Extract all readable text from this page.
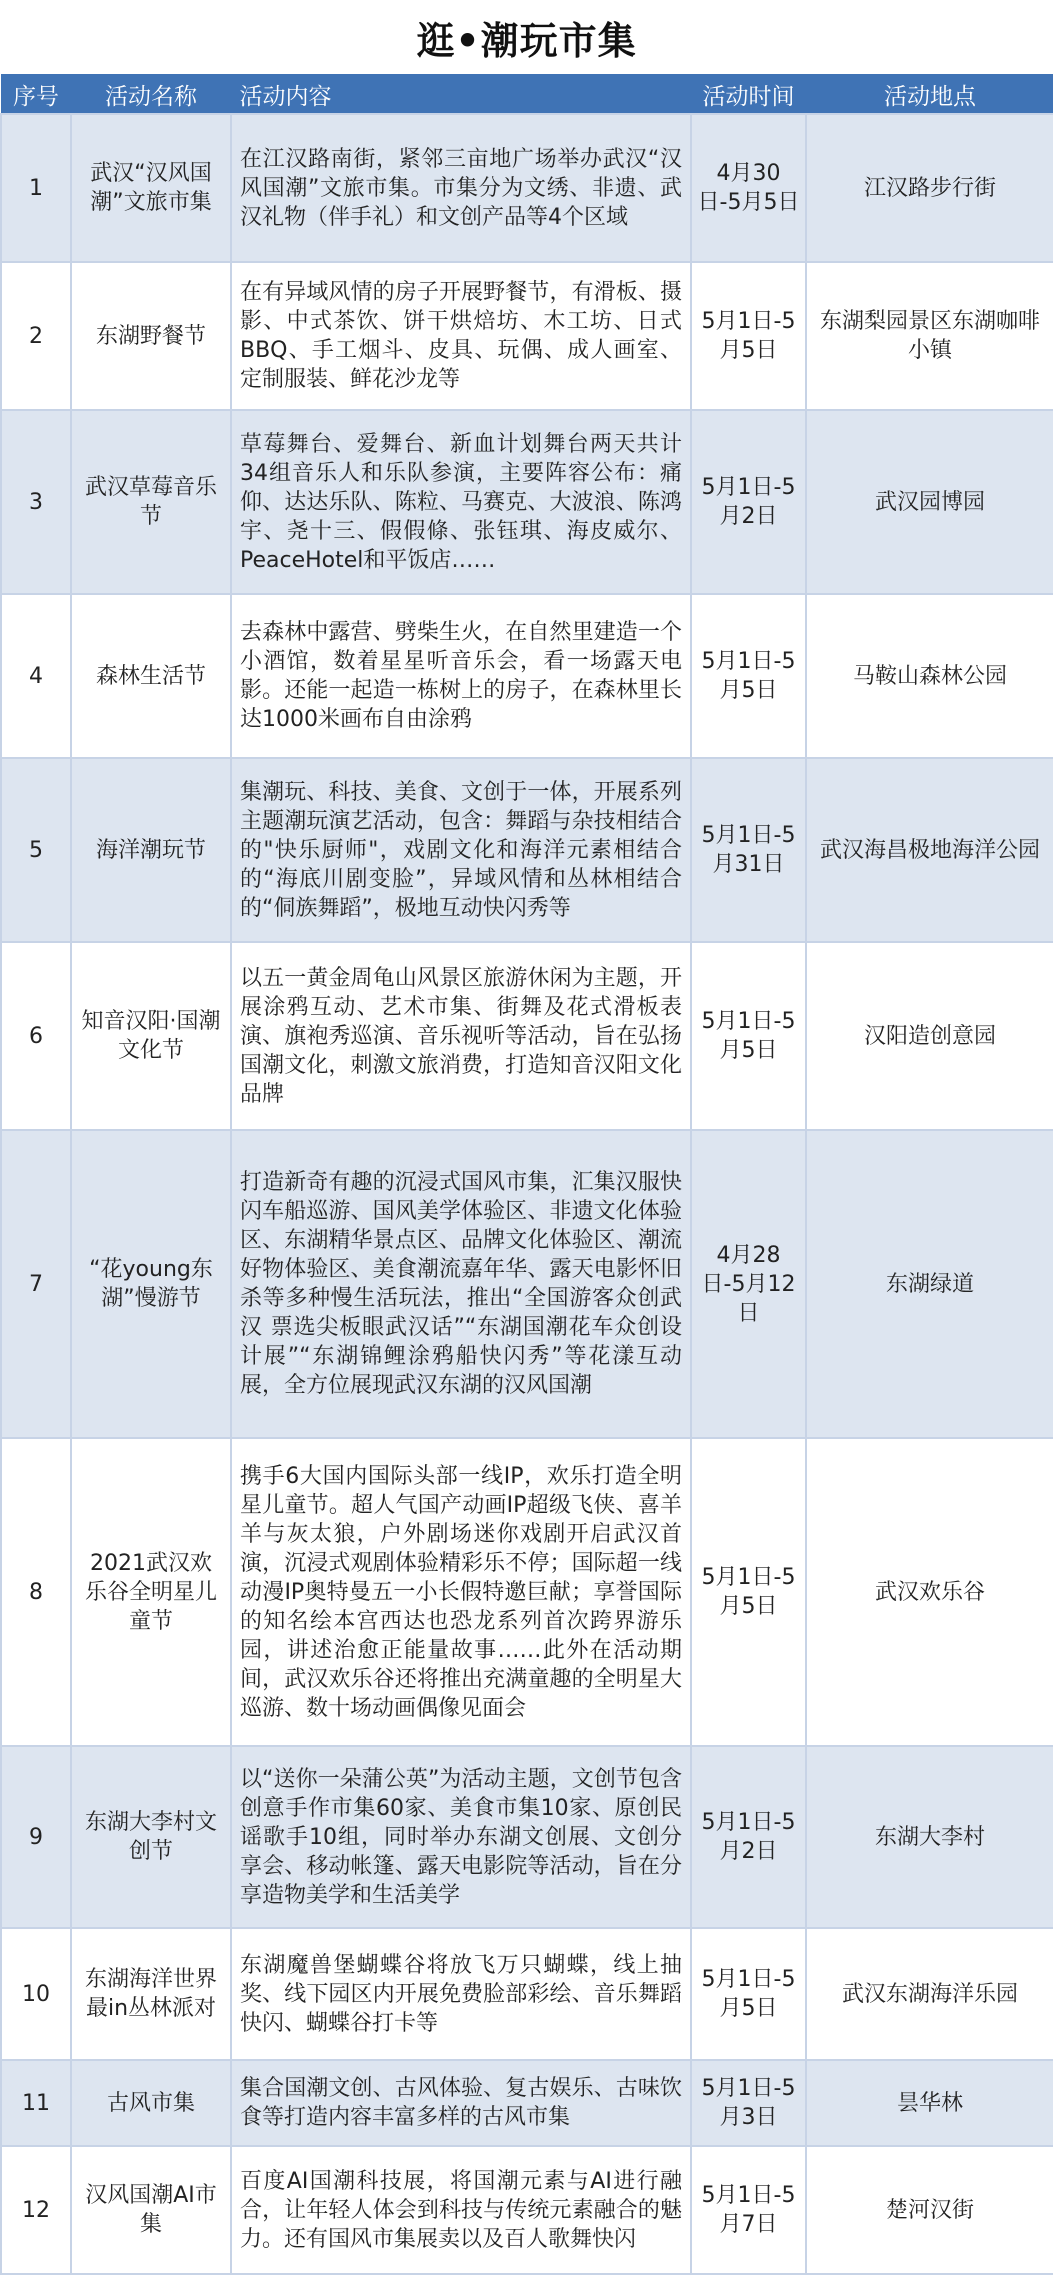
逛•潮玩市集
序号	活动名称	活动内容	活动时间	活动地点
1	武汉“汉风国潮”文旅市集	在江汉路南街，紧邻三亩地广场举办武汉“汉风国潮”文旅市集。市集分为文绣、非遗、武汉礼物（伴手礼）和文创产品等4个区域	4月30日-5月5日	江汉路步行街
2	东湖野餐节	在有异域风情的房子开展野餐节，有滑板、摄影、中式茶饮、饼干烘焙坊、木工坊、日式BBQ、手工烟斗、皮具、玩偶、成人画室、定制服装、鲜花沙龙等	5月1日-5月5日	东湖梨园景区东湖咖啡小镇
3	武汉草莓音乐节	草莓舞台、爱舞台、新血计划舞台两天共计34组音乐人和乐队参演，主要阵容公布：痛仰、达达乐队、陈粒、马赛克、大波浪、陈鸿宇、尧十三、假假條、张钰琪、海皮威尔、PeaceHotel和平饭店……	5月1日-5月2日	武汉园博园
4	森林生活节	去森林中露营、劈柴生火，在自然里建造一个小酒馆，数着星星听音乐会，看一场露天电影。还能一起造一栋树上的房子，在森林里长达1000米画布自由涂鸦	5月1日-5月5日	马鞍山森林公园
5	海洋潮玩节	集潮玩、科技、美食、文创于一体，开展系列主题潮玩演艺活动，包含：舞蹈与杂技相结合的"快乐厨师"，戏剧文化和海洋元素相结合的“海底川剧变脸”，异域风情和丛林相结合的“侗族舞蹈”，极地互动快闪秀等	5月1日-5月31日	武汉海昌极地海洋公园
6	知音汉阳·国潮文化节	以五一黄金周龟山风景区旅游休闲为主题，开展涂鸦互动、艺术市集、街舞及花式滑板表演、旗袍秀巡演、音乐视听等活动，旨在弘扬国潮文化，刺激文旅消费，打造知音汉阳文化品牌	5月1日-5月5日	汉阳造创意园
7	“花young东湖”慢游节	打造新奇有趣的沉浸式国风市集，汇集汉服快闪车船巡游、国风美学体验区、非遗文化体验区、东湖精华景点区、品牌文化体验区、潮流好物体验区、美食潮流嘉年华、露天电影怀旧杀等多种慢生活玩法，推出“全国游客众创武汉 票选尖板眼武汉话”“东湖国潮花车众创设计展”“东湖锦鲤涂鸦船快闪秀”等花漾互动展，全方位展现武汉东湖的汉风国潮	4月28日-5月12日	东湖绿道
8	2021武汉欢乐谷全明星儿童节	携手6大国内国际头部一线IP，欢乐打造全明星儿童节。超人气国产动画IP超级飞侠、喜羊羊与灰太狼，户外剧场迷你戏剧开启武汉首演，沉浸式观剧体验精彩乐不停；国际超一线动漫IP奥特曼五一小长假特邀巨献；享誉国际的知名绘本宫西达也恐龙系列首次跨界游乐园，讲述治愈正能量故事……此外在活动期间，武汉欢乐谷还将推出充满童趣的全明星大巡游、数十场动画偶像见面会	5月1日-5月5日	武汉欢乐谷
9	东湖大李村文创节	以“送你一朵蒲公英”为活动主题，文创节包含创意手作市集60家、美食市集10家、原创民谣歌手10组，同时举办东湖文创展、文创分享会、移动帐篷、露天电影院等活动，旨在分享造物美学和生活美学	5月1日-5月2日	东湖大李村
10	东湖海洋世界最in丛林派对	东湖魔兽堡蝴蝶谷将放飞万只蝴蝶，线上抽奖、线下园区内开展免费脸部彩绘、音乐舞蹈快闪、蝴蝶谷打卡等	5月1日-5月5日	武汉东湖海洋乐园
11	古风市集	集合国潮文创、古风体验、复古娱乐、古味饮食等打造内容丰富多样的古风市集	5月1日-5月3日	昙华林
12	汉风国潮AI市集	百度AI国潮科技展，将国潮元素与AI进行融合，让年轻人体会到科技与传统元素融合的魅力。还有国风市集展卖以及百人歌舞快闪	5月1日-5月7日	楚河汉街
